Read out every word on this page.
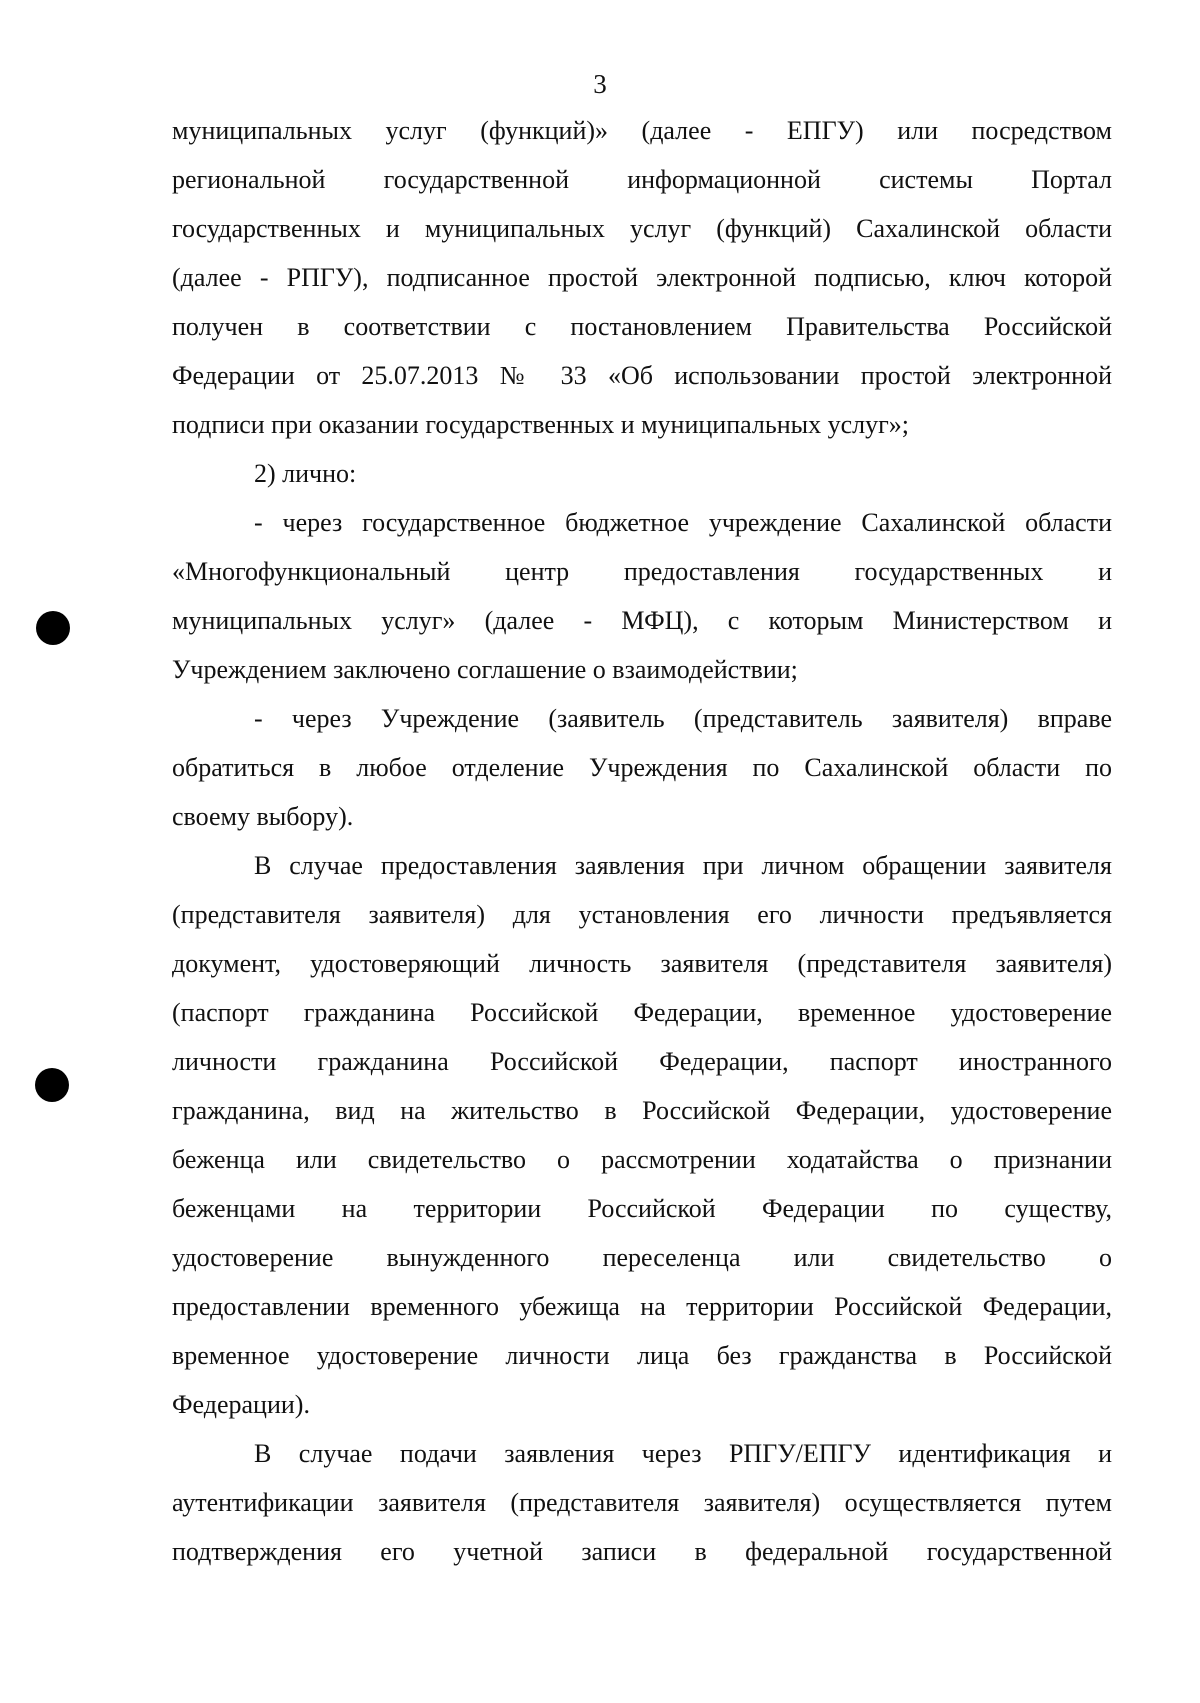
3
муниципальных услуг (функций)» (далее - ЕПГУ) или посредством
региональной государственной информационной системы Портал
государственных и муниципальных услуг (функций) Сахалинской области
(далее - РПГУ), подписанное простой электронной подписью, ключ которой
получен в соответствии с постановлением Правительства Российской
Федерации от 25.07.2013 № 33 «Об использовании простой электронной
подписи при оказании государственных и муниципальных услуг»;
2) лично:
- через государственное бюджетное учреждение Сахалинской области
«Многофункциональный центр предоставления государственных и
муниципальных услуг» (далее - МФЦ), с которым Министерством и
Учреждением заключено соглашение о взаимодействии;
- через Учреждение (заявитель (представитель заявителя) вправе
обратиться в любое отделение Учреждения по Сахалинской области по
своему выбору).
В случае предоставления заявления при личном обращении заявителя
(представителя заявителя) для установления его личности предъявляется
документ, удостоверяющий личность заявителя (представителя заявителя)
(паспорт гражданина Российской Федерации, временное удостоверение
личности гражданина Российской Федерации, паспорт иностранного
гражданина, вид на жительство в Российской Федерации, удостоверение
беженца или свидетельство о рассмотрении ходатайства о признании
беженцами на территории Российской Федерации по существу,
удостоверение вынужденного переселенца или свидетельство о
предоставлении временного убежища на территории Российской Федерации,
временное удостоверение личности лица без гражданства в Российской
Федерации).
В случае подачи заявления через РПГУ/ЕПГУ идентификация и
аутентификации заявителя (представителя заявителя) осуществляется путем
подтверждения его учетной записи в федеральной государственной
